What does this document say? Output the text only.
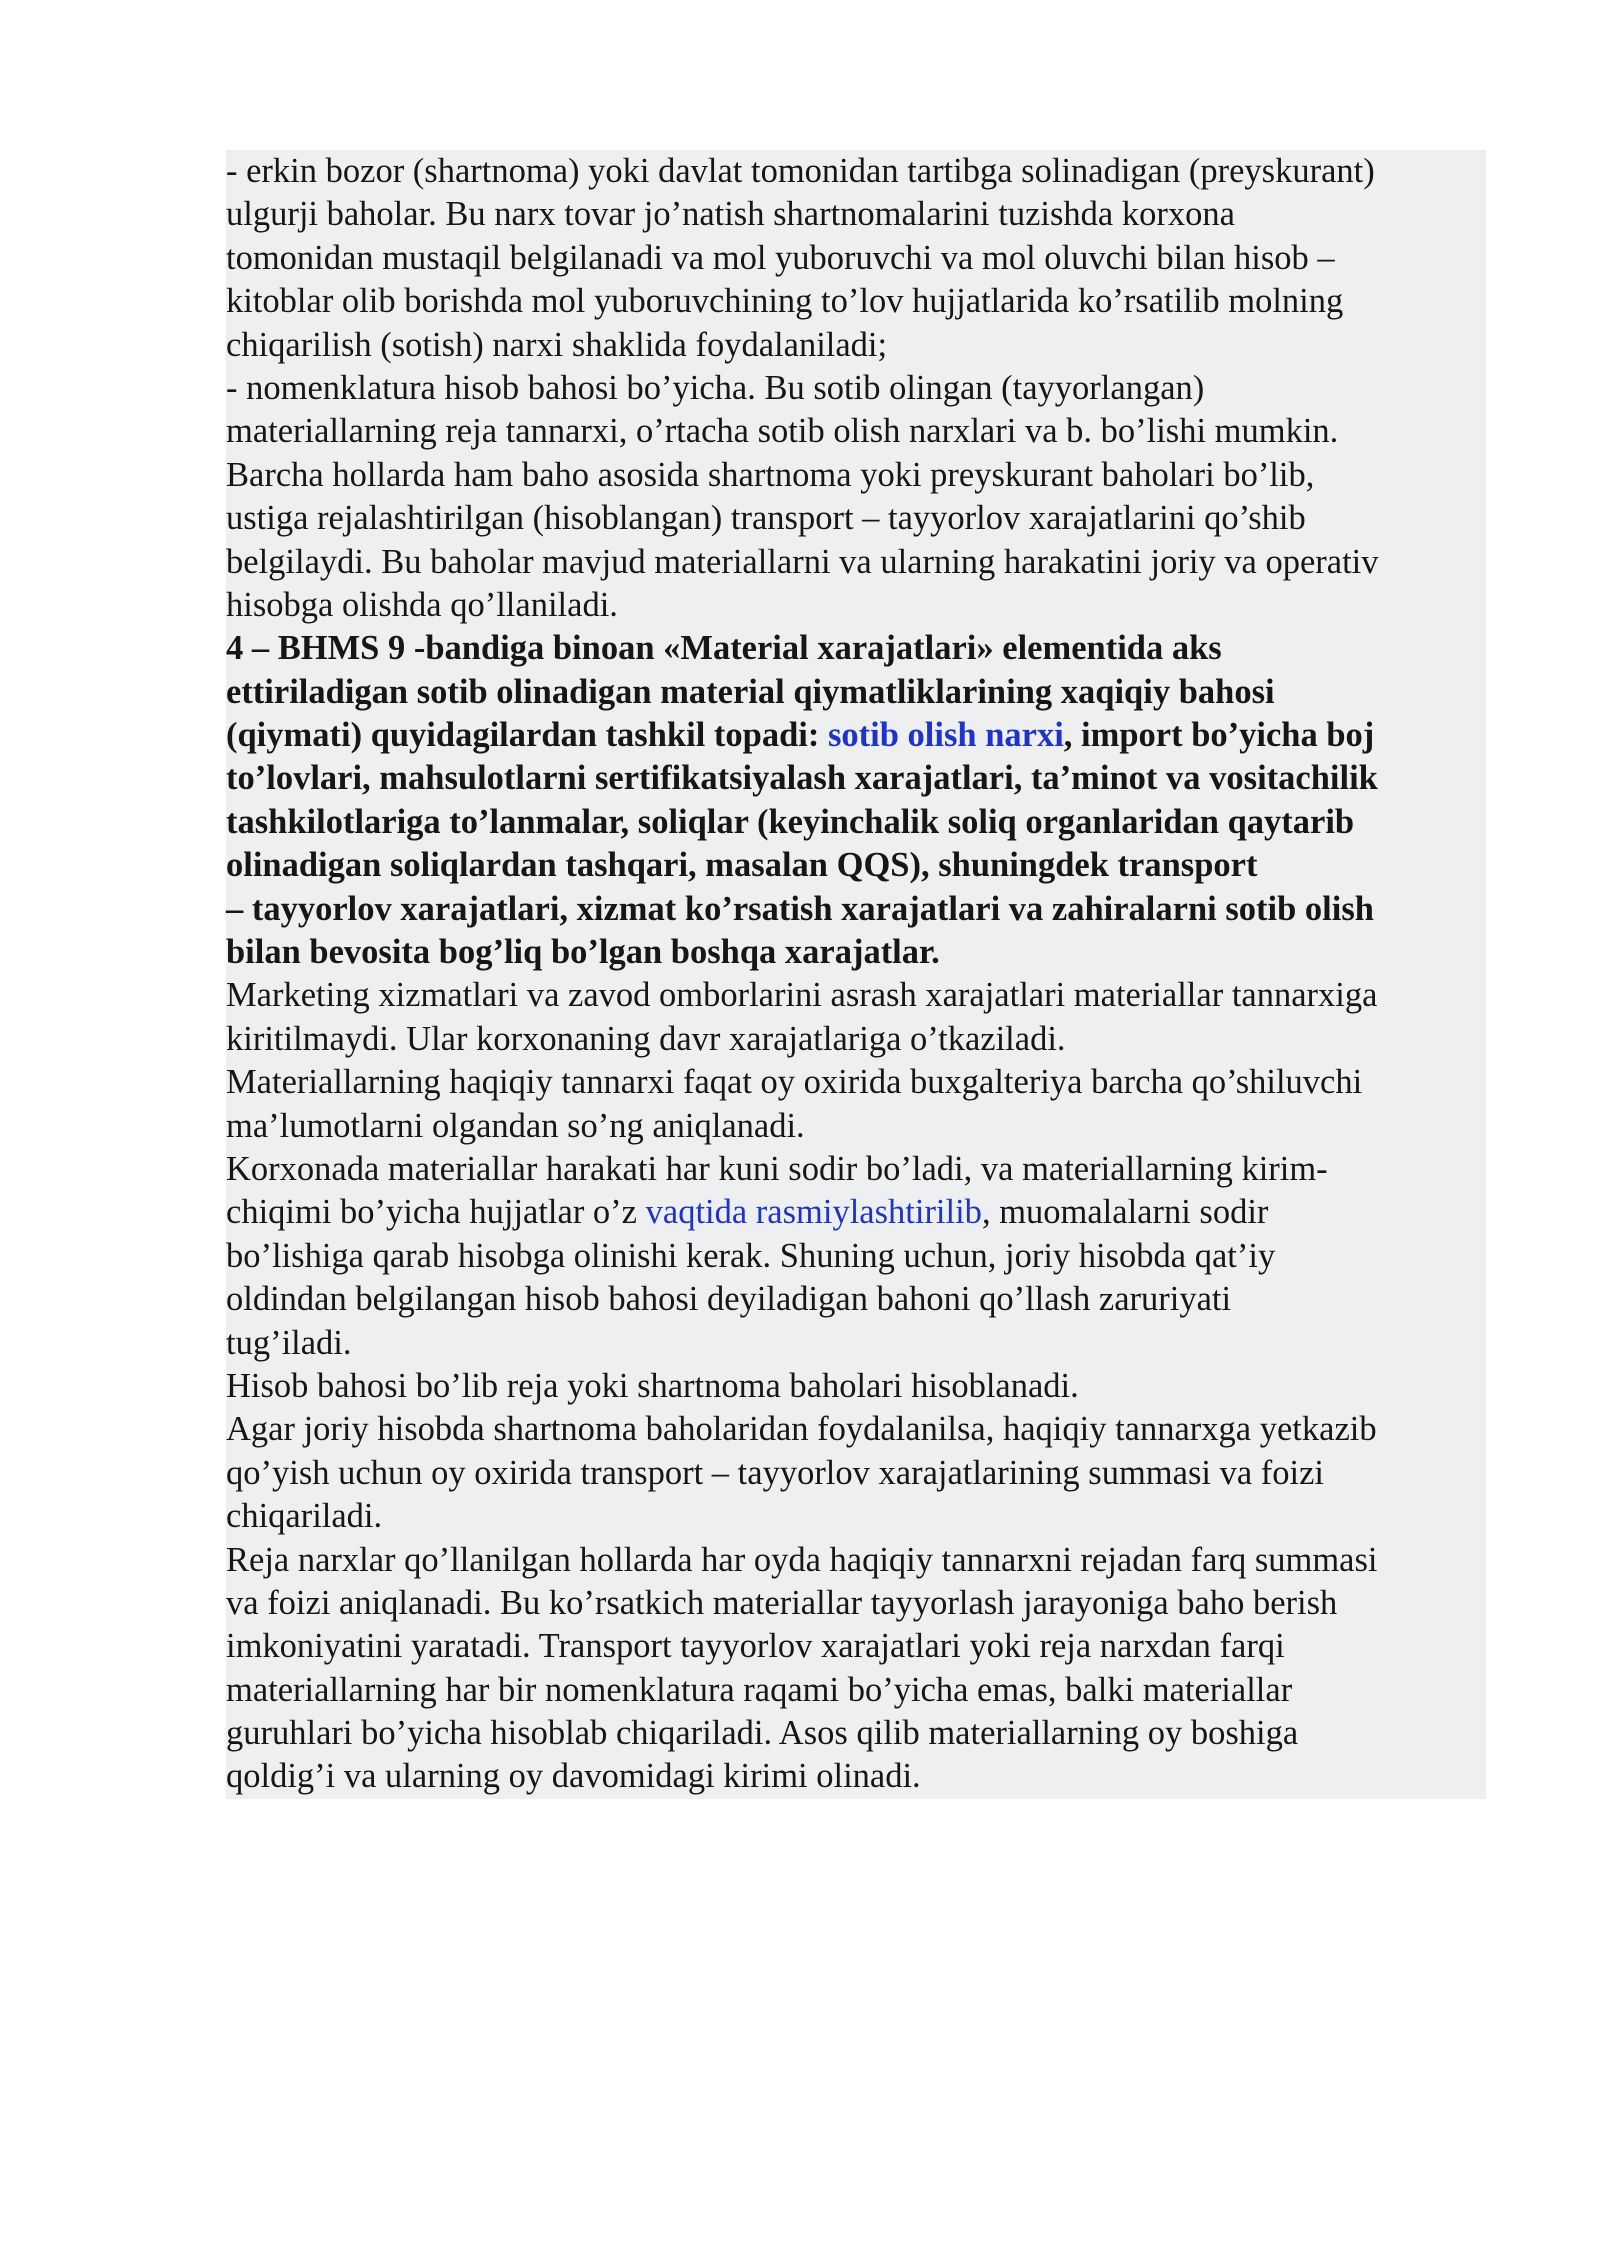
- erkin bozor (shartnoma) yoki davlat tomonidan tartibga solinadigan (preyskurant)
ulgurji baholar. Bu narx tovar jo’natish shartnomalarini tuzishda korxona
tomonidan mustaqil belgilanadi va mol yuboruvchi va mol oluvchi bilan hisob –
kitoblar olib borishda mol yuboruvchining to’lov hujjatlarida ko’rsatilib molning
chiqarilish (sotish) narxi shaklida foydalaniladi;
- nomenklatura hisob bahosi bo’yicha. Bu sotib olingan (tayyorlangan)
materiallarning reja tannarxi, o’rtacha sotib olish narxlari va b. bo’lishi mumkin.
Barcha hollarda ham baho asosida shartnoma yoki preyskurant baholari bo’lib,
ustiga rejalashtirilgan (hisoblangan) transport – tayyorlov xarajatlarini qo’shib
belgilaydi. Bu baholar mavjud materiallarni va ularning harakatini joriy va operativ
hisobga olishda qo’llaniladi.
4 – BHMS 9 -bandiga binoan «Material xarajatlari» elementida aks
ettiriladigan sotib olinadigan material qiymatliklarining xaqiqiy bahosi
(qiymati) quyidagilardan tashkil topadi: sotib olish narxi, import bo’yicha boj
to’lovlari, mahsulotlarni sertifikatsiyalash xarajatlari, ta’minot va vositachilik
tashkilotlariga to’lanmalar, soliqlar (keyinchalik soliq organlaridan qaytarib
olinadigan soliqlardan tashqari, masalan QQS), shuningdek transport
– tayyorlov xarajatlari, xizmat ko’rsatish xarajatlari va zahiralarni sotib olish
bilan bevosita bog’liq bo’lgan boshqa xarajatlar.
Marketing xizmatlari va zavod omborlarini asrash xarajatlari materiallar tannarxiga
kiritilmaydi. Ular korxonaning davr xarajatlariga o’tkaziladi.
Materiallarning haqiqiy tannarxi faqat oy oxirida buxgalteriya barcha qo’shiluvchi
ma’lumotlarni olgandan so’ng aniqlanadi.
Korxonada materiallar harakati har kuni sodir bo’ladi, va materiallarning kirim-
chiqimi bo’yicha hujjatlar o’z vaqtida rasmiylashtirilib, muomalalarni sodir
bo’lishiga qarab hisobga olinishi kerak. Shuning uchun, joriy hisobda qat’iy
oldindan belgilangan hisob bahosi deyiladigan bahoni qo’llash zaruriyati
tug’iladi.
Hisob bahosi bo’lib reja yoki shartnoma baholari hisoblanadi.
Agar joriy hisobda shartnoma baholaridan foydalanilsa, haqiqiy tannarxga yetkazib
qo’yish uchun oy oxirida transport – tayyorlov xarajatlarining summasi va foizi
chiqariladi.
Reja narxlar qo’llanilgan hollarda har oyda haqiqiy tannarxni rejadan farq summasi
va foizi aniqlanadi. Bu ko’rsatkich materiallar tayyorlash jarayoniga baho berish
imkoniyatini yaratadi. Transport tayyorlov xarajatlari yoki reja narxdan farqi
materiallarning har bir nomenklatura raqami bo’yicha emas, balki materiallar
guruhlari bo’yicha hisoblab chiqariladi. Asos qilib materiallarning oy boshiga
qoldig’i va ularning oy davomidagi kirimi olinadi.
